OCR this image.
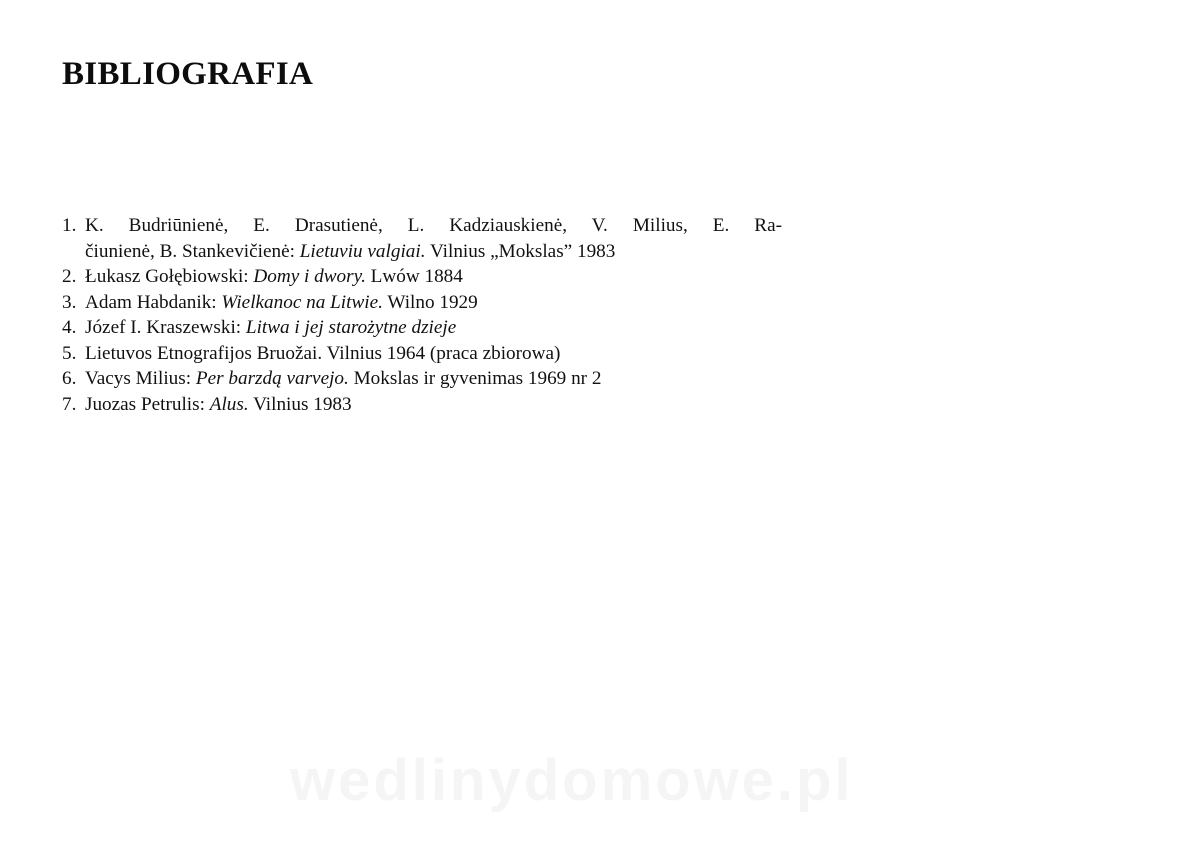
BIBLIOGRAFIA
1. K. Budriūnienė, E. Drasutienė, L. Kadziauskienė, V. Milius, E. Ra-
čiunienė, B. Stankevičienė: Lietuviu valgiai. Vilnius „Mokslas” 1983
2. Łukasz Gołębiowski: Domy i dwory. Lwów 1884
3. Adam Habdanik: Wielkanoc na Litwie. Wilno 1929
4. Józef I. Kraszewski: Litwa i jej starożytne dzieje
5. Lietuvos Etnografijos Bruožai. Vilnius 1964 (praca zbiorowa)
6. Vacys Milius: Per barzdą varvejo. Mokslas ir gyvenimas 1969 nr 2
7. Juozas Petrulis: Alus. Vilnius 1983
wedlinydomowe.pl
